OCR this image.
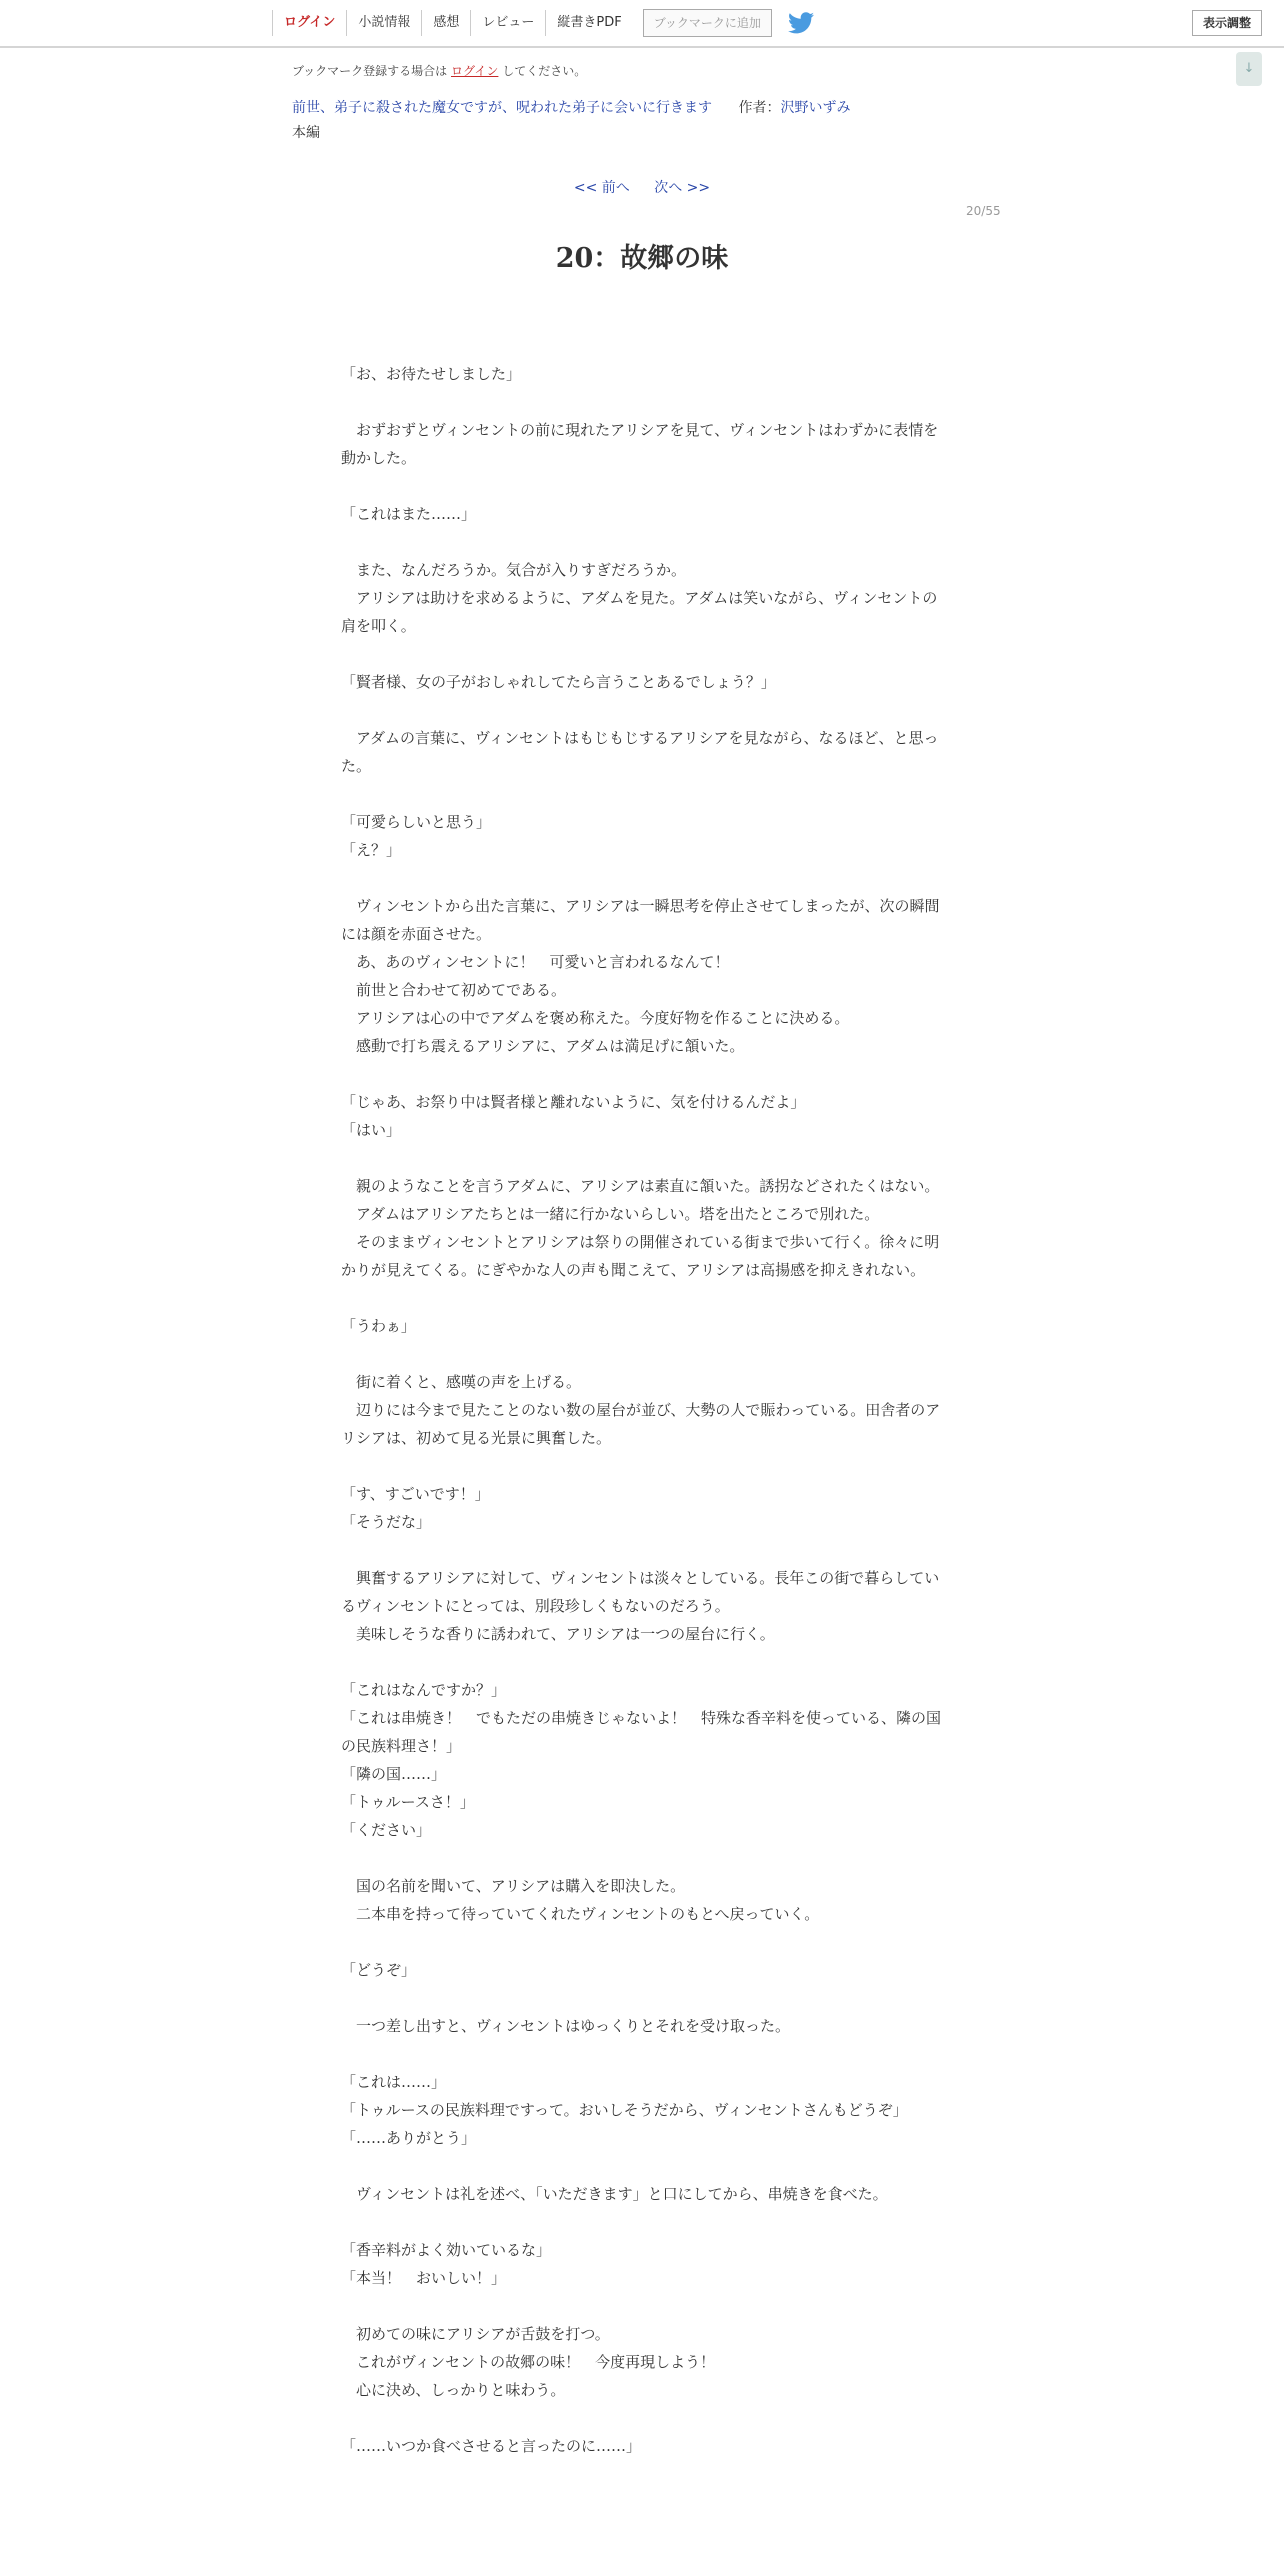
ログイン	小説情報	感想	レビュー	縦書きPDF	ブックマークに追加	表示調整
↓
ブックマーク登録する場合は ログイン してください。
前世、弟子に殺された魔女ですが、呪われた弟子に会いに行きます 作者：沢野いずみ
本編
<< 前へ 次へ >>
20/55
20：故郷の味

「お、お待たせしました」

　おずおずとヴィンセントの前に現れたアリシアを見て、ヴィンセントはわずかに表情を動かした。

「これはまた……」

　また、なんだろうか。気合が入りすぎだろうか。

　アリシアは助けを求めるように、アダムを見た。アダムは笑いながら、ヴィンセントの肩を叩く。

「賢者様、女の子がおしゃれしてたら言うことあるでしょう？」

　アダムの言葉に、ヴィンセントはもじもじするアリシアを見ながら、なるほど、と思った。

「可愛らしいと思う」

「え？」

　ヴィンセントから出た言葉に、アリシアは一瞬思考を停止させてしまったが、次の瞬間には顔を赤面させた。

　あ、あのヴィンセントに！　可愛いと言われるなんて！

　前世と合わせて初めてである。

　アリシアは心の中でアダムを褒め称えた。今度好物を作ることに決める。

　感動で打ち震えるアリシアに、アダムは満足げに頷いた。

「じゃあ、お祭り中は賢者様と離れないように、気を付けるんだよ」

「はい」

　親のようなことを言うアダムに、アリシアは素直に頷いた。誘拐などされたくはない。

　アダムはアリシアたちとは一緒に行かないらしい。塔を出たところで別れた。

　そのままヴィンセントとアリシアは祭りの開催されている街まで歩いて行く。徐々に明かりが見えてくる。にぎやかな人の声も聞こえて、アリシアは高揚感を抑えきれない。

「うわぁ」

　街に着くと、感嘆の声を上げる。

　辺りには今まで見たことのない数の屋台が並び、大勢の人で賑わっている。田舎者のアリシアは、初めて見る光景に興奮した。

「す、すごいです！」

「そうだな」

　興奮するアリシアに対して、ヴィンセントは淡々としている。長年この街で暮らしているヴィンセントにとっては、別段珍しくもないのだろう。

　美味しそうな香りに誘われて、アリシアは一つの屋台に行く。

「これはなんですか？」

「これは串焼き！　でもただの串焼きじゃないよ！　特殊な香辛料を使っている、隣の国の民族料理さ！」

「隣の国……」

「トゥルースさ！」

「ください」

　国の名前を聞いて、アリシアは購入を即決した。

　二本串を持って待っていてくれたヴィンセントのもとへ戻っていく。

「どうぞ」

　一つ差し出すと、ヴィンセントはゆっくりとそれを受け取った。

「これは……」

「トゥルースの民族料理ですって。おいしそうだから、ヴィンセントさんもどうぞ」

「……ありがとう」

　ヴィンセントは礼を述べ、「いただきます」と口にしてから、串焼きを食べた。

「香辛料がよく効いているな」

「本当！　おいしい！」

　初めての味にアリシアが舌鼓を打つ。

　これがヴィンセントの故郷の味！　今度再現しよう！

　心に決め、しっかりと味わう。

「……いつか食べさせると言ったのに……」
